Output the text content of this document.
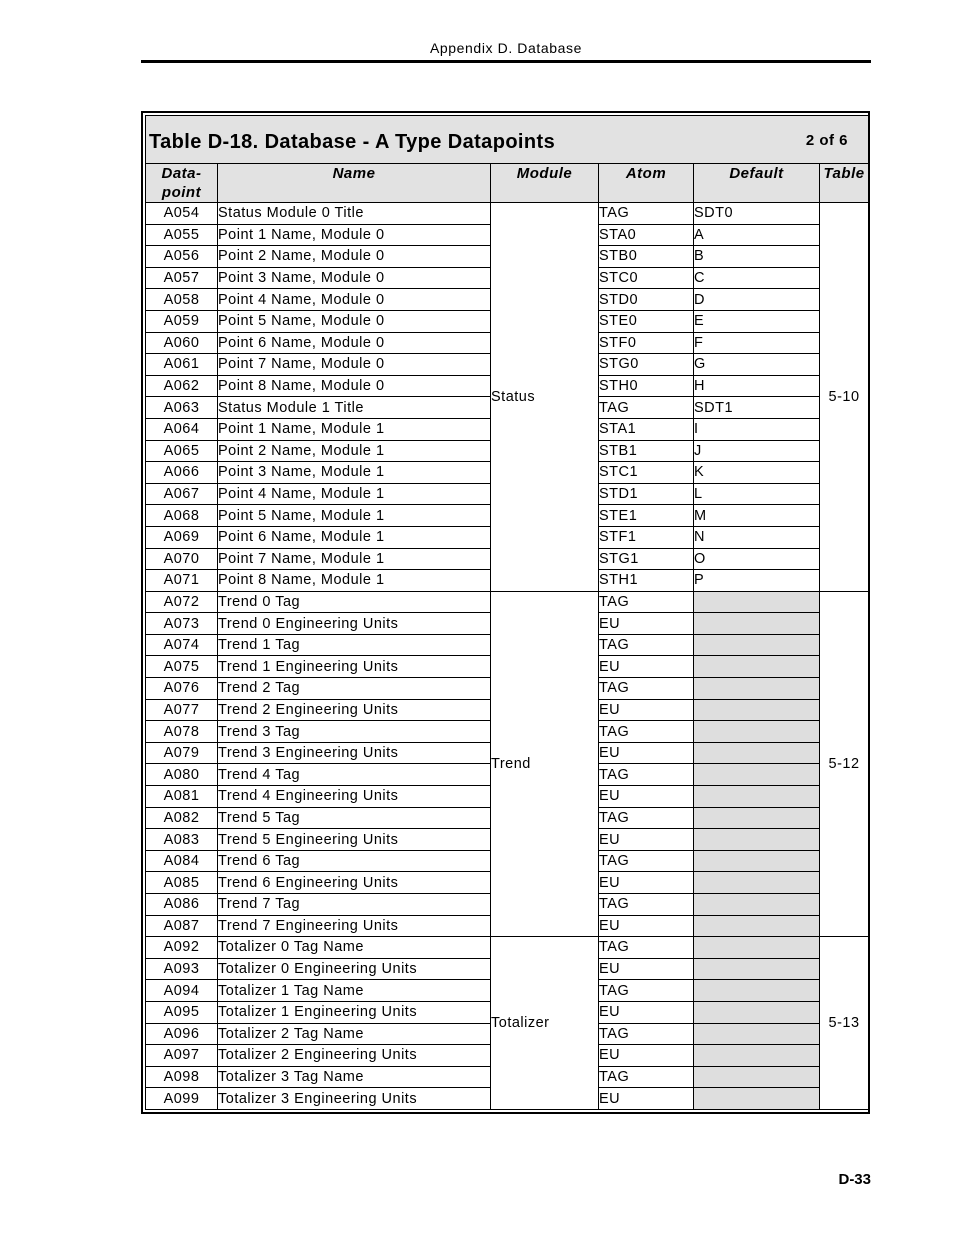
Appendix D. Database
Table D-18. Database - A Type Datapoints 2 of 6					

Data-
point	Name	Module	Atom	Default	Table
A054	Status Module 0 Title	Status	TAG	SDT0	5-10
A055	Point 1 Name, Module 0		STA0	A	
A056	Point 2 Name, Module 0		STB0	B	
A057	Point 3 Name, Module 0		STC0	C	
A058	Point 4 Name, Module 0		STD0	D	
A059	Point 5 Name, Module 0		STE0	E	
A060	Point 6 Name, Module 0		STF0	F	
A061	Point 7 Name, Module 0		STG0	G	
A062	Point 8 Name, Module 0		STH0	H	
A063	Status Module 1 Title		TAG	SDT1	
A064	Point 1 Name, Module 1		STA1	I	
A065	Point 2 Name, Module 1		STB1	J	
A066	Point 3 Name, Module 1		STC1	K	
A067	Point 4 Name, Module 1		STD1	L	
A068	Point 5 Name, Module 1		STE1	M	
A069	Point 6 Name, Module 1		STF1	N	
A070	Point 7 Name, Module 1		STG1	O	
A071	Point 8 Name, Module 1		STH1	P	
A072	Trend 0 Tag	Trend	TAG		5-12
A073	Trend 0 Engineering Units		EU		
A074	Trend 1 Tag		TAG		
A075	Trend 1 Engineering Units		EU		
A076	Trend 2 Tag		TAG		
A077	Trend 2 Engineering Units		EU		
A078	Trend 3 Tag		TAG		
A079	Trend 3 Engineering Units		EU		
A080	Trend 4 Tag		TAG		
A081	Trend 4 Engineering Units		EU		
A082	Trend 5 Tag		TAG		
A083	Trend 5 Engineering Units		EU		
A084	Trend 6 Tag		TAG		
A085	Trend 6 Engineering Units		EU		
A086	Trend 7 Tag		TAG		
A087	Trend 7 Engineering Units		EU		
A092	Totalizer 0 Tag Name	Totalizer	TAG		5-13
A093	Totalizer 0 Engineering Units		EU		
A094	Totalizer 1 Tag Name		TAG		
A095	Totalizer 1 Engineering Units		EU		
A096	Totalizer 2 Tag Name		TAG		
A097	Totalizer 2 Engineering Units		EU		
A098	Totalizer 3 Tag Name		TAG		
A099	Totalizer 3 Engineering Units		EU		
D-33
